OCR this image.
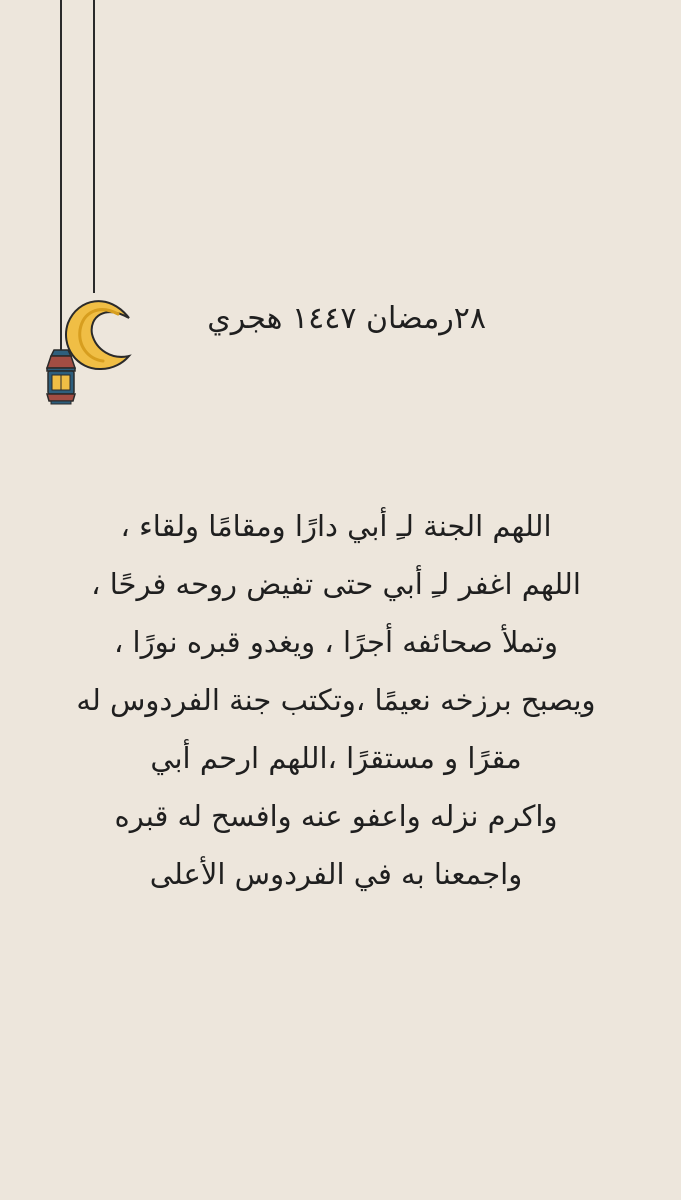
٢٨رمضان ١٤٤٧ هجري
اللهم الجنة لـِ أبي دارًا ومقامًا ولقاء ،
اللهم اغفر لـِ أبي حتى تفيض روحه فرحًا ،
وتملأ صحائفه أجرًا ، ويغدو قبره نورًا ،
ويصبح برزخه نعيمًا ،وتكتب جنة الفردوس له
مقرًا و مستقرًا ،اللهم ارحم أبي
واكرم نزله واعفو عنه وافسح له قبره
واجمعنا به في الفردوس الأعلى
